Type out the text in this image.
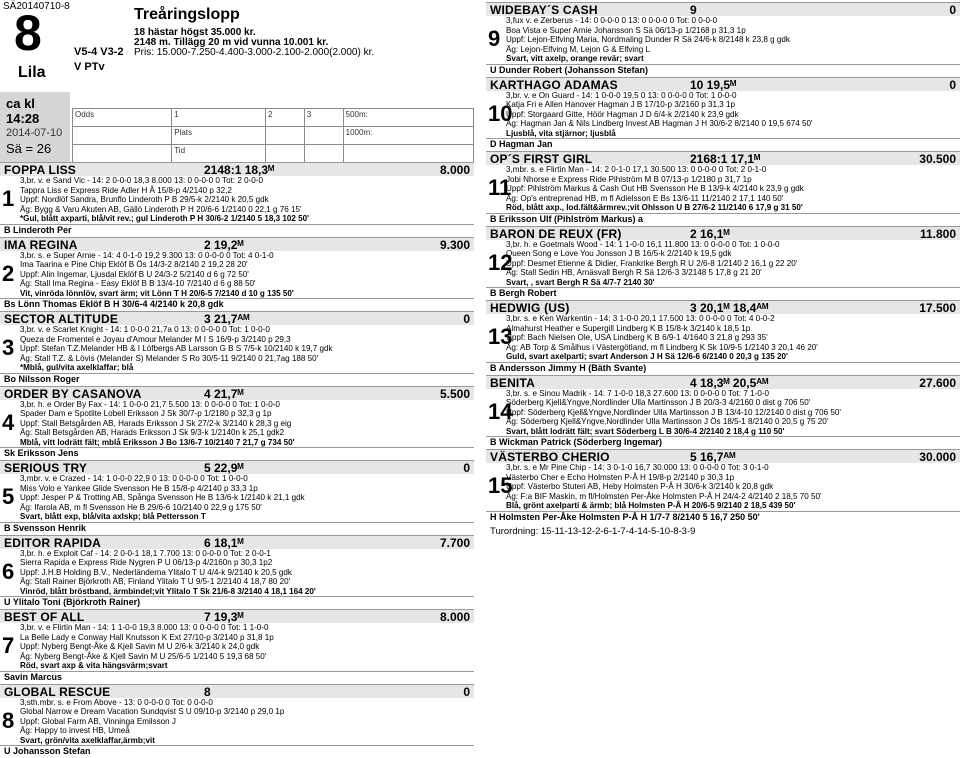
SÄ20140710-8
8
Lila
V5-4 V3-2
V PTv
Treåringslopp
18 hästar högst 35.000 kr.
2148 m. Tillägg 20 m vid vunna 10.001 kr.
Pris: 15.000-7.250-4.400-3.000-2.100-2.000(2.000) kr.
ca kl 14:28
2014-07-10
Sä = 26
Odds	1	2	3	500m:
	Plats			1000m:
	Tid			
FOPPA LISS	2148:1 18,3ᴹ	8.000
1
3,br. v. e Sand Vic - 14: 2 0-0-0 18,3 8.000 13: 0 0-0-0 0 Tot: 2 0-0-0
Tappra Liss e Express Ride Adler H Å 15/8-p 4/2140 p 32,2
Uppf: Nordlöf Sandra, Brunflo Linderoth P B 29/5-k 2/2140 k 20,5 gdk
Äg: Bygg & Varu Akuten AB, Gällö Linderoth P H 20/6-6 1/2140 0 22,1 g 76 15'
*Gul, blått axparti, blå/vit rev.; gul Linderoth P H 30/6-2 1/2140 5 18,3 102 50'
B Linderoth Per
IMA REGINA	2 19,2ᴹ	9.300
2
3,br. s. e Super Arnie - 14: 4 0-1-0 19,2 9.300 13: 0 0-0-0 0 Tot: 4 0-1-0
Ima Taarina e Pine Chip Eklöf B Ös 14/3-2 8/2140 2 19,2 28 20'
Uppf: Alin Ingemar, Ljusdal Eklöf B U 24/3-2 5/2140 d 6 g 72 50'
Äg: Stall Ima Regina - Easy Eklöf B B 13/4-10 7/2140 d 6 g 88 50'
Vit, vinröda lönnlöv, svart ärm; vit Lönn T H 20/6-5 7/2140 d 10 g 135 50'
Bs Lönn Thomas Eklöf B H 30/6-4 4/2140 k 20,8 gdk
SECTOR ALTITUDE	3 21,7ᴬᴹ	0
3
3,br. v. e Scarlet Knight - 14: 1 0-0-0 21,7a 0 13: 0 0-0-0 0 Tot: 1 0-0-0
Queza de Fromentel e Joyau d'Amour Melander M I S 16/9-p 3/2140 p 29,3
Uppf: Stefan T.Z.Melander HB & I Löfbergs AB Larsson G B S 7/5-k 10/2140 k 19,7 gdk
Äg: Stall T.Z. & Lövis (Melander S) Melander S Ro 30/5-11 9/2140 0 21,7ag 188 50'
*Mblå, gul/vita axelklaffar; blå
Bo Nilsson Roger
ORDER BY CASANOVA	4 21,7ᴹ	5.500
4
3,br. h. e Order By Fax - 14: 1 0-0-0 21,7 5.500 13: 0 0-0-0 0 Tot: 1 0-0-0
Spader Dam e Spotlite Lobell Eriksson J Sk 30/7-p 1/2180 p 32,3 g 1p
Uppf: Stall Betsgården AB, Harads Eriksson J Sk 27/2-k 3/2140 k 28,3 g eig
Äg: Stall Betsgården AB, Harads Eriksson J Sk 9/3-k 1/2140n k 25,1 gdk2
Mblå, vitt lodrätt fält; mblå Eriksson J Bo 13/6-7 10/2140 7 21,7 g 734 50'
Sk Eriksson Jens
SERIOUS TRY	5 22,9ᴹ	0
5
3,mbr. v. e Crazed - 14: 1 0-0-0 22,9 0 13: 0 0-0-0 0 Tot: 1 0-0-0
Miss Volo e Yankee Glide Svensson He B 15/8-p 4/2140 p 33,3 1p
Uppf: Jesper P & Trotting AB, Spånga Svensson He B 13/6-k 1/2140 k 21,1 gdk
Äg: Ifarola AB, m fl Svensson He B 29/6-6 10/2140 0 22,9 g 175 50'
Svart, blått exp, blå/vita axlskp; blå Pettersson T
B Svensson Henrik
EDITOR RAPIDA	6 18,1ᴹ	7.700
6
3,br. h. e Exploit Caf - 14: 2 0-0-1 18,1 7.700 13: 0 0-0-0 0 Tot: 2 0-0-1
Sierra Rapida e Express Ride Nygren P U 06/13-p 4/2160n p 30,3 1p2
Uppf: J.H.B Holding B.V., Nederländerna Ylitalo T U 4/4-k 9/2140 k 20,5 gdk
Äg: Stall Rainer Björkroth AB, Finland Ylitalo T U 9/5-1 2/2140 4 18,7 80 20'
Vinröd, blått bröstband, ärmbindel;vit Ylitalo T Sk 21/6-8 3/2140 4 18,1 164 20'
U Ylitalo Toni (Björkroth Rainer)
BEST OF ALL	7 19,3ᴹ	8.000
7
3,br. v. e Flirtin Man - 14: 1 1-0-0 19,3 8.000 13: 0 0-0-0 0 Tot: 1 1-0-0
La Belle Lady e Conway Hall Knutsson K Ext 27/10-p 3/2140 p 31,8 1p
Uppf: Nyberg Bengt-Åke & Kjell Savin M U 2/6-k 3/2140 k 24,0 gdk
Äg: Nyberg Bengt-Åke & Kjell Savin M U 25/6-5 1/2140 5 19,3 68 50'
Röd, svart axp & vita hängsvärm;svart
Savin Marcus
GLOBAL RESCUE	8	0
8
3,sth.mbr. s. e From Above - 13: 0 0-0-0 0 Tot: 0 0-0-0
Global Narrow e Dream Vacation Sundqvist S U 09/10-p 3/2140 p 29,0 1p
Uppf: Global Farm AB, Vinninga Emilsson J
Äg: Happy to invest HB, Umeå
Svart, grön/vita axelklaffar,ärmb;vit
U Johansson Stefan
WIDEBAY´S CASH	9	0
9
3,fux v. e Zerberus - 14: 0 0-0-0 0 13: 0 0-0-0 0 Tot: 0 0-0-0
Boa Vista e Super Arnie Johansson S Sä 06/13-p 1/2168 p 31,3 1p
Uppf: Lejon-Elfving Maria, Nordmaling Dunder R Sä 24/6-k 8/2148 k 23,8 g gdk
Äg: Lejon-Elfving M, Lejon G & Elfving L
Svart, vitt axelp, orange revär; svart
U Dunder Robert (Johansson Stefan)
KARTHAGO ADAMAS	10 19,5ᴹ	0
10
3,br. v. e On Guard - 14: 1 0-0-0 19,5 0 13: 0 0-0-0 0 Tot: 1 0-0-0
Katja Fri e Allen Hanover Hagman J B 17/10-p 3/2160 p 31,3 1p
Uppf: Storgaard Gitte, Höör Hagman J D 6/4-k 2/2140 k 23,9 gdk
Äg: Hagman Jan & Nils Lindberg Invest AB Hagman J H 30/6-2 8/2140 0 19,5 674 50'
Ljusblå, vita stjärnor; ljusblå
D Hagman Jan
OP´S FIRST GIRL	2168:1 17,1ᴹ	30.500
11
3,mbr. s. e Flirtin Man - 14: 2 0-1-0 17,1 30.500 13: 0 0-0-0 0 Tot: 2 0-1-0
Jobi Nhorse e Express Ride Pihlström M B 07/13-p 1/2180 p 31,7 1p
Uppf: Pihlström Markus & Cash Out HB Svensson He B 13/9-k 4/2140 k 23,9 g gdk
Äg: Op's entreprenad HB, m fl Adielsson E Bs 13/6-11 11/2140 2 17,1 140 50'
Röd, blått axp., lod.fält&ärmrev.;vit Ohlsson U B 27/6-2 11/2140 6 17,9 g 31 50'
B Eriksson Ulf (Pihlström Markus) a
BARON DE REUX (FR)	2 16,1ᴹ	11.800
12
3,br. h. e Goetmals Wood - 14: 1 1-0-0 16,1 11.800 13: 0 0-0-0 0 Tot: 1 0-0-0
Queen Song e Love You Jonsson J B 16/5-k 2/2140 k 19,5 gdk
Uppf: Desmet Etienne & Didier, Frankrike Bergh R U 2/6-8 1/2140 2 16,1 g 22 20'
Äg: Stall Sedin HB, Arnäsvall Bergh R Sä 12/6-3 3/2148 5 17,8 g 21 20'
Svart, , svart Bergh R Sä 4/7-7 2140 30'
B Bergh Robert
HEDWIG (US)	3 20,1ᴹ 18,4ᴬᴹ	17.500
13
3,br. s. e Ken Warkentin - 14: 3 1-0-0 20,1 17.500 13: 0 0-0-0 0 Tot: 4 0-0-2
Almahurst Heather e Supergill Lindberg K B 15/8-k 3/2140 k 18,5 1p
Uppf: Bach Nielsen Ole, USA Lindberg K B 6/9-1 4/1640 3 21,8 g 293 35'
Äg: AB Torp & Smålhus i Västergötland, m fl Lindberg K Sk 10/9-5 1/2140 3 20,1 46 20'
Guld, svart axelparti; svart Anderson J H Sä 12/6-6 6/2140 0 20,3 g 135 20'
B Andersson Jimmy H (Bäth Svante)
BENITA	4 18,3ᴹ 20,5ᴬᴹ	27.600
14
3,br. s. e Sinou Madrik - 14: 7 1-0-0 18,3 27.600 13: 0 0-0-0 0 Tot: 7 1-0-0
Söderberg Kjell&Yngve,Nordlinder Ulla Martinsson J B 20/3-3 4/2160 0 dist g 706 50'
Uppf: Söderberg Kjell&Yngve,Nordlinder Ulla Martinsson J B 13/4-10 12/2140 0 dist g 706 50'
Äg: Söderberg Kjell&Yngve,Nordlinder Ulla Martinsson J Ös 18/5-1 8/2140 0 20,5 g 75 20'
Svart, blått lodrätt fält; svart Söderberg L B 30/6-4 2/2140 2 18,4 g 110 50'
B Wickman Patrick (Söderberg Ingemar)
VÄSTERBO CHERIO	5 16,7ᴬᴹ	30.000
15
3,br. s. e Mr Pine Chip - 14: 3 0-1-0 16,7 30.000 13: 0 0-0-0 0 Tot: 3 0-1-0
Västerbo Cher e Echo Holmsten P-Å H 19/8-p 2/2140 p 30,3 1p
Uppf: Västerbo Stuteri AB, Heby Holmsten P-Å H 30/6-k 3/2140 k 20,8 gdk
Äg: F:a BIF Maskin, m fl/Holmsten Per-Åke Holmsten P-Å H 24/4-2 4/2140 2 18,5 70 50'
Blå, grönt axelparti & ärmb; blå Holmsten P-Å H 20/6-5 9/2140 2 18,5 439 50'
H Holmsten Per-Åke Holmsten P-Å H 1/7-7 8/2140 5 16,7 250 50'
Turordning: 15-11-13-12-2-6-1-7-4-14-5-10-8-3-9
